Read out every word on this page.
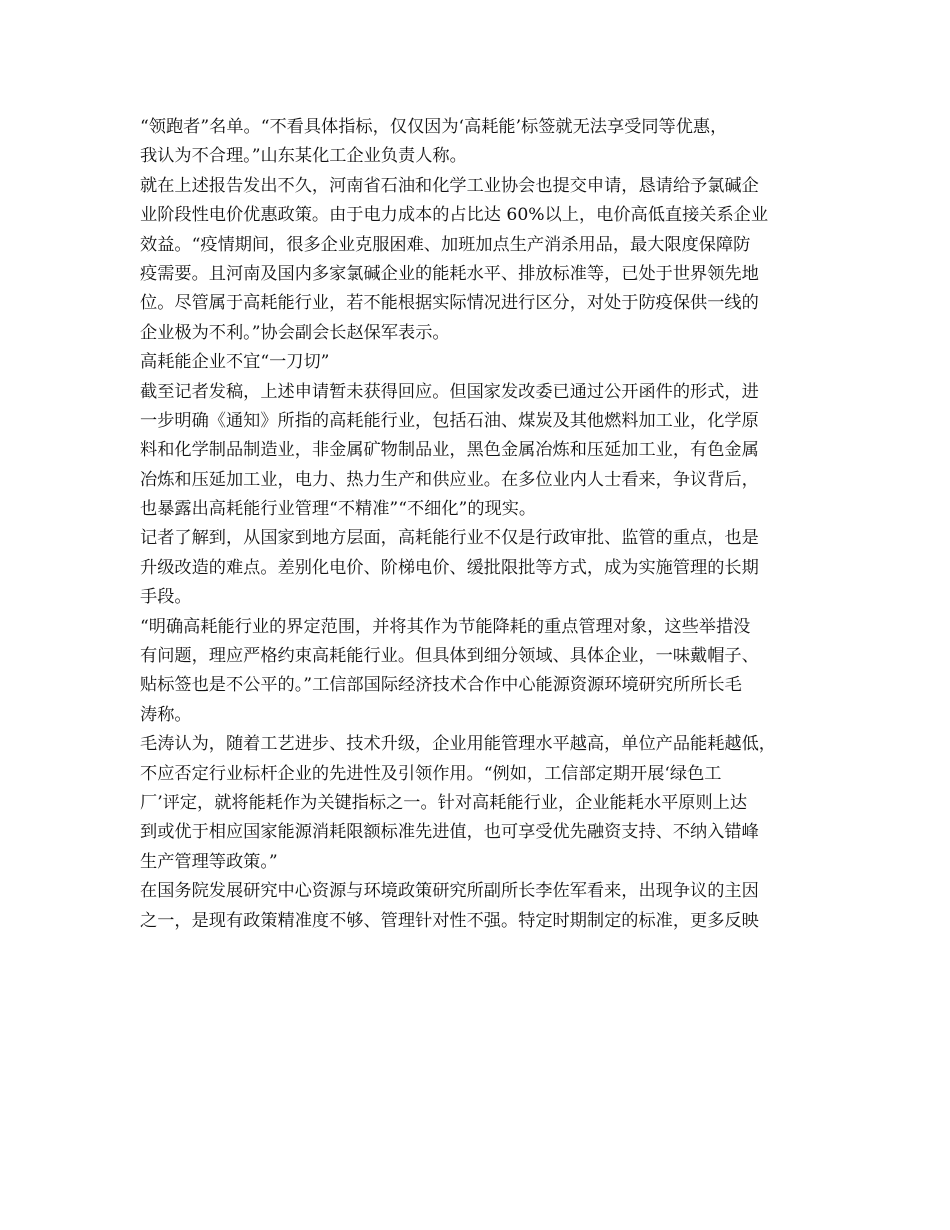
“领跑者”名单。“不看具体指标，仅仅因为‘高耗能’标签就无法享受同等优惠，
我认为不合理。”山东某化工企业负责人称。
就在上述报告发出不久，河南省石油和化学工业协会也提交申请，恳请给予氯碱企
业阶段性电价优惠政策。由于电力成本的占比达 60%以上，电价高低直接关系企业
效益。“疫情期间，很多企业克服困难、加班加点生产消杀用品，最大限度保障防
疫需要。且河南及国内多家氯碱企业的能耗水平、排放标准等，已处于世界领先地
位。尽管属于高耗能行业，若不能根据实际情况进行区分，对处于防疫保供一线的
企业极为不利。”协会副会长赵保军表示。
高耗能企业不宜“一刀切”
截至记者发稿，上述申请暂未获得回应。但国家发改委已通过公开函件的形式，进
一步明确《通知》所指的高耗能行业，包括石油、煤炭及其他燃料加工业，化学原
料和化学制品制造业，非金属矿物制品业，黑色金属冶炼和压延加工业，有色金属
冶炼和压延加工业，电力、热力生产和供应业。在多位业内人士看来，争议背后，
也暴露出高耗能行业管理“不精准”“不细化”的现实。
记者了解到，从国家到地方层面，高耗能行业不仅是行政审批、监管的重点，也是
升级改造的难点。差别化电价、阶梯电价、缓批限批等方式，成为实施管理的长期
手段。
“明确高耗能行业的界定范围，并将其作为节能降耗的重点管理对象，这些举措没
有问题，理应严格约束高耗能行业。但具体到细分领域、具体企业，一味戴帽子、
贴标签也是不公平的。”工信部国际经济技术合作中心能源资源环境研究所所长毛
涛称。
毛涛认为，随着工艺进步、技术升级，企业用能管理水平越高，单位产品能耗越低，
不应否定行业标杆企业的先进性及引领作用。“例如，工信部定期开展‘绿色工
厂’评定，就将能耗作为关键指标之一。针对高耗能行业，企业能耗水平原则上达
到或优于相应国家能源消耗限额标准先进值，也可享受优先融资支持、不纳入错峰
生产管理等政策。”
在国务院发展研究中心资源与环境政策研究所副所长李佐军看来，出现争议的主因
之一，是现有政策精准度不够、管理针对性不强。特定时期制定的标准，更多反映
